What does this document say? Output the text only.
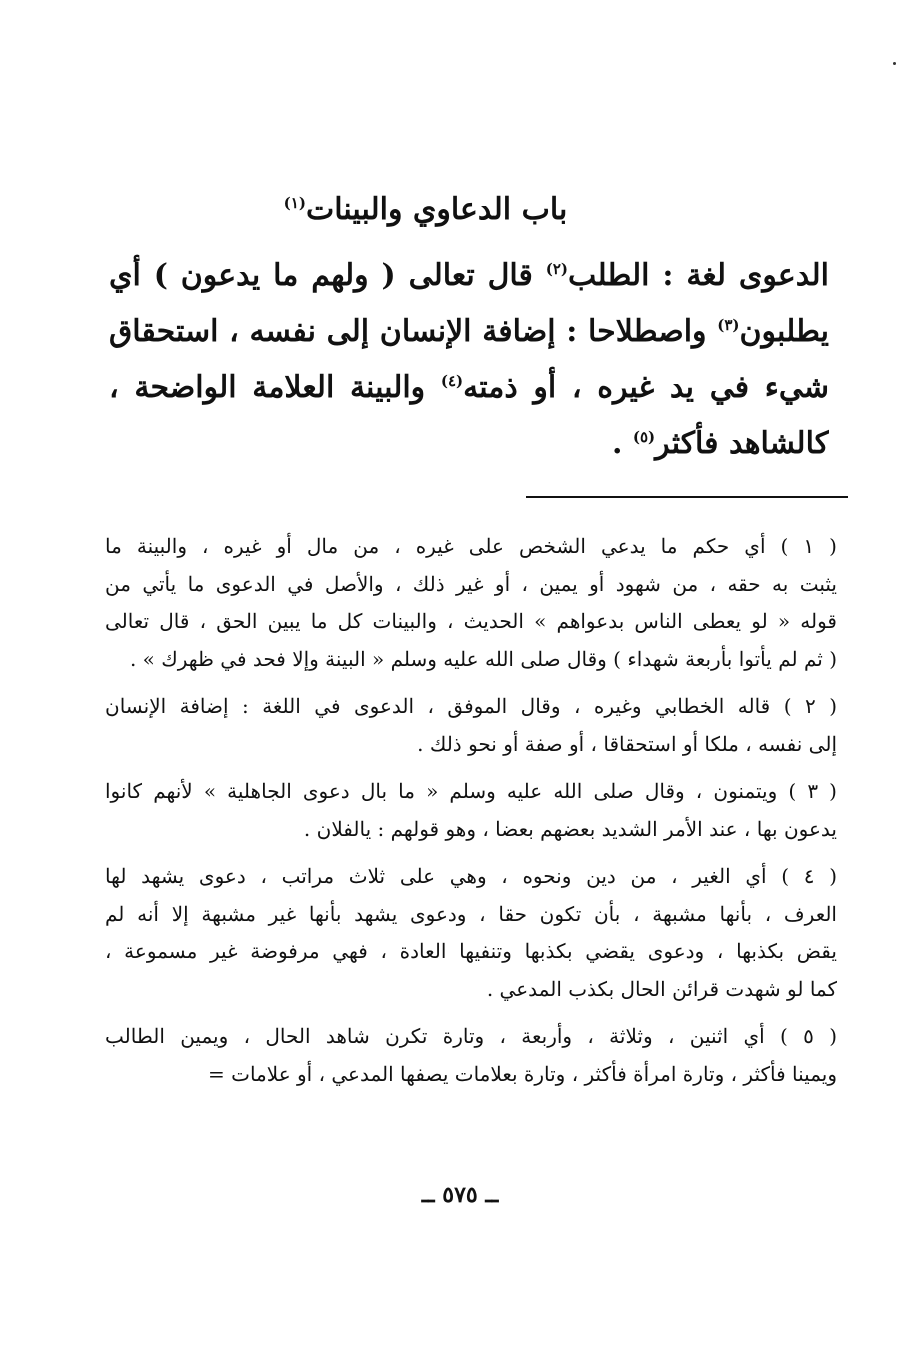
باب الدعاوي والبينات$^{(١)}$
الدعوى لغة : الطلب$^{(٢)}$ قال تعالى ( ولهم ما يدعون ) أي
يطلبون$^{(٣)}$ واصطلاحا : إضافة الإنسان إلى نفسه ، استحقاق
شيء في يد غيره ، أو ذمته$^{(٤)}$ والبينة العلامة الواضحة ،
كالشاهد فأكثر$^{(٥)}$ .
( ١ ) أي حكم ما يدعي الشخص على غيره ، من مال أو غيره ، والبينة ما
يثبت به حقه ، من شهود أو يمين ، أو غير ذلك ، والأصل في الدعوى ما يأتي من
قوله « لو يعطى الناس بدعواهم » الحديث ، والبينات كل ما يبين الحق ، قال تعالى
( ثم لم يأتوا بأربعة شهداء ) وقال صلى الله عليه وسلم « البينة وإلا فحد في ظهرك » .
( ٢ ) قاله الخطابي وغيره ، وقال الموفق ، الدعوى في اللغة : إضافة الإنسان
إلى نفسه ، ملكا أو استحقاقا ، أو صفة أو نحو ذلك .
( ٣ ) ويتمنون ، وقال صلى الله عليه وسلم « ما بال دعوى الجاهلية » لأنهم كانوا
يدعون بها ، عند الأمر الشديد بعضهم بعضا ، وهو قولهم : يالفلان .
( ٤ ) أي الغير ، من دين ونحوه ، وهي على ثلاث مراتب ، دعوى يشهد لها
العرف ، بأنها مشبهة ، بأن تكون حقا ، ودعوى يشهد بأنها غير مشبهة إلا أنه لم
يقض بكذبها ، ودعوى يقضي بكذبها وتنفيها العادة ، فهي مرفوضة غير مسموعة ،
كما لو شهدت قرائن الحال بكذب المدعي .
( ٥ ) أي اثنين ، وثلاثة ، وأربعة ، وتارة تكرن شاهد الحال ، ويمين الطالب
ويمينا فأكثر ، وتارة امرأة فأكثر ، وتارة بعلامات يصفها المدعي ، أو علامات =
ــ ٥٧٥ ــ
